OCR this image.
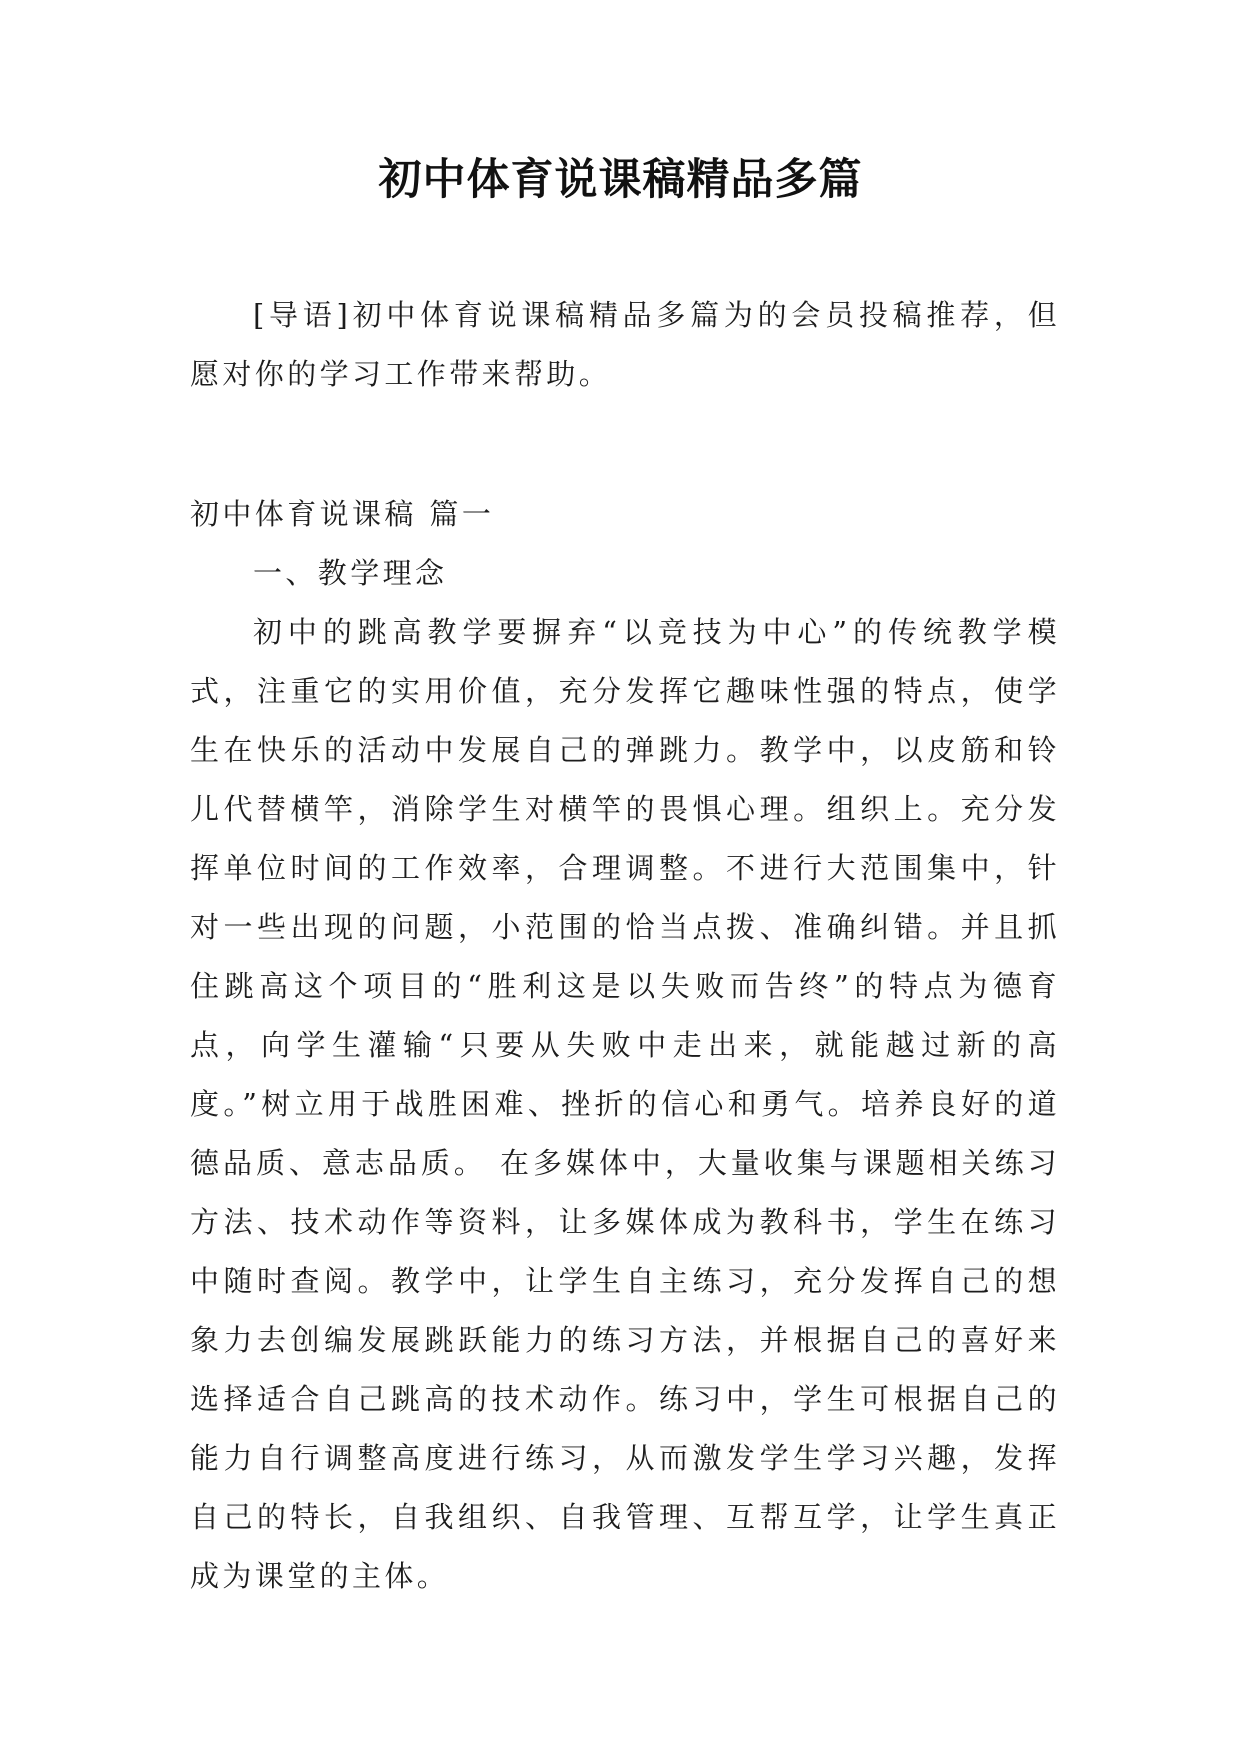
初中体育说课稿精品多篇

[导语]初中体育说课稿精品多篇为的会员投稿推荐，但愿对你的学习工作带来帮助。

初中体育说课稿 篇一

一、教学理念

初中的跳高教学要摒弃“以竞技为中心”的传统教学模式，注重它的实用价值，充分发挥它趣味性强的特点，使学生在快乐的活动中发展自己的弹跳力。教学中，以皮筋和铃儿代替横竿，消除学生对横竿的畏惧心理。组织上。充分发挥单位时间的工作效率，合理调整。不进行大范围集中，针对一些出现的问题，小范围的恰当点拨、准确纠错。并且抓住跳高这个项目的“胜利这是以失败而告终”的特点为德育点，向学生灌输“只要从失败中走出来，就能越过新的高度。”树立用于战胜困难、挫折的信心和勇气。培养良好的道德品质、意志品质。 在多媒体中，大量收集与课题相关练习方法、技术动作等资料，让多媒体成为教科书，学生在练习中随时查阅。教学中，让学生自主练习，充分发挥自己的想象力去创编发展跳跃能力的练习方法，并根据自己的喜好来选择适合自己跳高的技术动作。练习中，学生可根据自己的能力自行调整高度进行练习，从而激发学生学习兴趣，发挥自己的特长，自我组织、自我管理、互帮互学，让学生真正成为课堂的主体。
